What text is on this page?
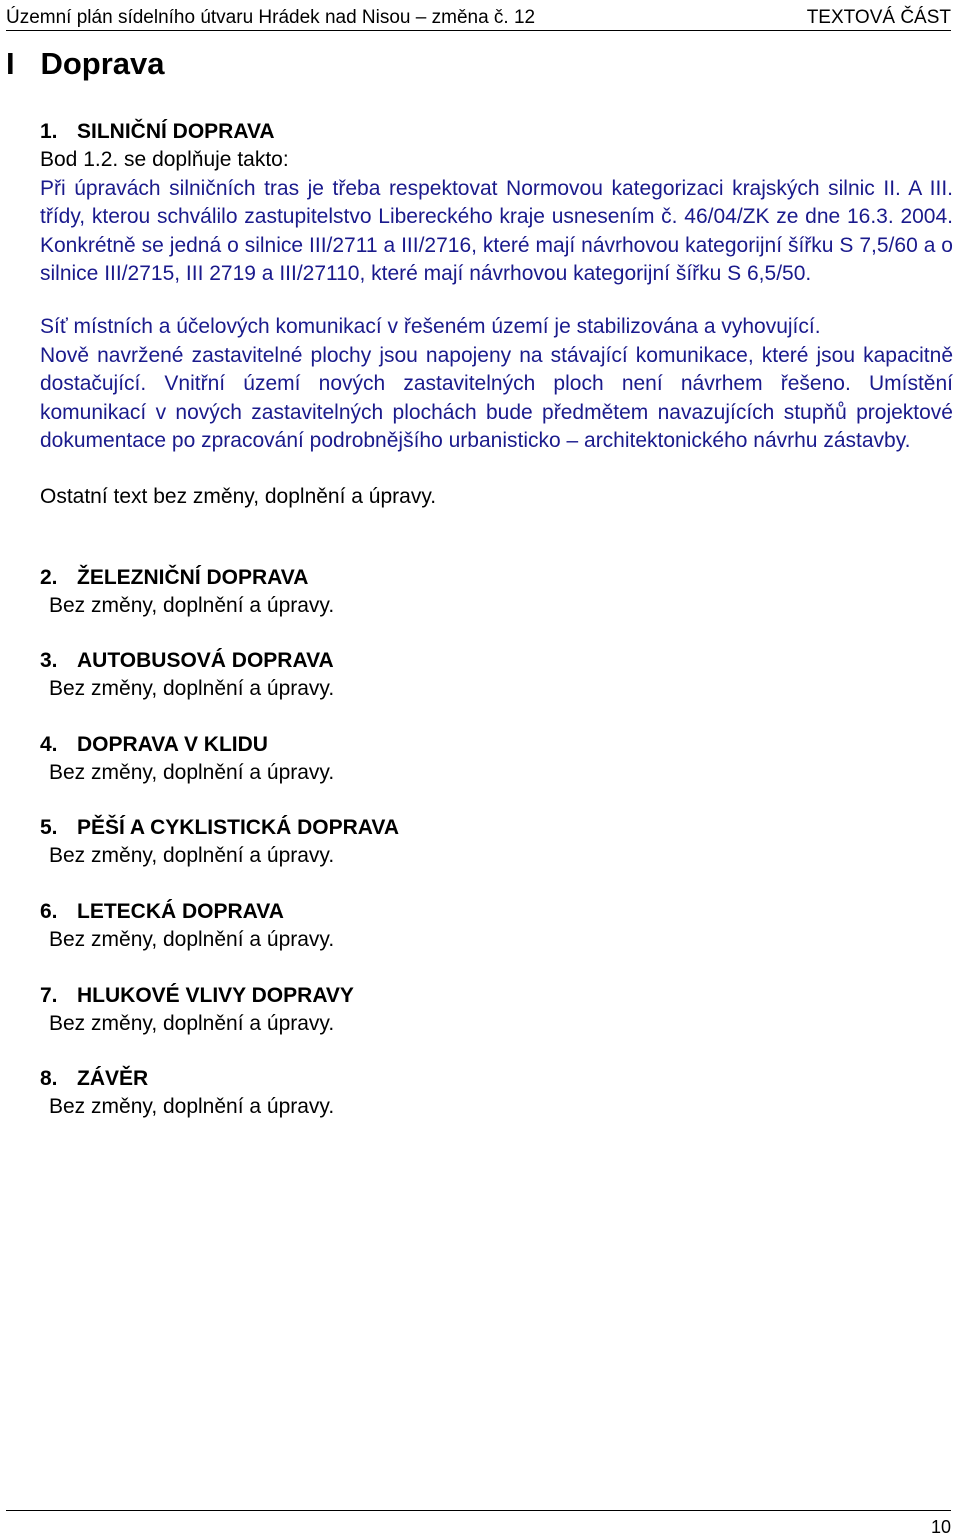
Územní plán sídelního útvaru Hrádek nad Nisou – změna č. 12	TEXTOVÁ ČÁST
I   Doprava

1. SILNIČNÍ DOPRAVA

Bod 1.2. se doplňuje takto:

Při úpravách silničních tras je třeba respektovat Normovou kategorizaci krajských silnic II. A III. třídy, kterou schválilo zastupitelstvo Libereckého kraje usnesením č. 46/04/ZK ze dne 16.3. 2004. Konkrétně se jedná o silnice III/2711 a III/2716, které mají návrhovou kategorijní šířku S 7,5/60 a o silnice III/2715, III 2719 a III/27110, které mají návrhovou kategorijní šířku S 6,5/50.

Síť místních a účelových komunikací v řešeném území je stabilizována a vyhovující.

Nově navržené zastavitelné plochy jsou napojeny na stávající komunikace, které jsou kapacitně dostačující. Vnitřní území nových zastavitelných ploch není návrhem řešeno. Umístění komunikací v nových zastavitelných plochách bude předmětem navazujících stupňů projektové dokumentace po zpracování podrobnějšího urbanisticko – architektonického návrhu zástavby.

Ostatní text bez změny, doplnění a úpravy.

2. ŽELEZNIČNÍ DOPRAVA

Bez změny, doplnění a úpravy.

3. AUTOBUSOVÁ DOPRAVA

Bez změny, doplnění a úpravy.

4. DOPRAVA V KLIDU

Bez změny, doplnění a úpravy.

5. PĚŠÍ A CYKLISTICKÁ DOPRAVA

Bez změny, doplnění a úpravy.

6. LETECKÁ DOPRAVA

Bez změny, doplnění a úpravy.

7. HLUKOVÉ VLIVY DOPRAVY

Bez změny, doplnění a úpravy.

8. ZÁVĚR

Bez změny, doplnění a úpravy.

10
